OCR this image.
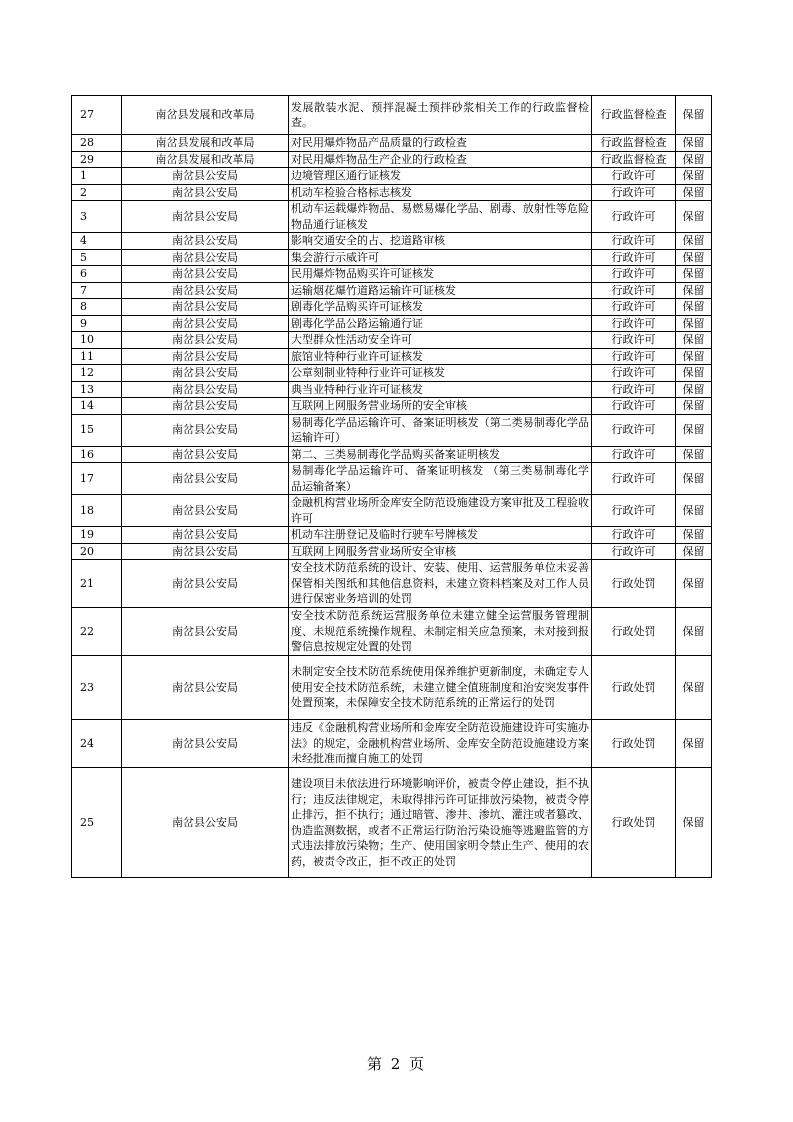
27	南岔县发展和改革局	发展散装水泥、预拌混凝土预拌砂浆相关工作的行政监督检查。	行政监督检查	保留
28	南岔县发展和改革局	对民用爆炸物品产品质量的行政检查	行政监督检查	保留
29	南岔县发展和改革局	对民用爆炸物品生产企业的行政检查	行政监督检查	保留
1	南岔县公安局	边境管理区通行证核发	行政许可	保留
2	南岔县公安局	机动车检验合格标志核发	行政许可	保留
3	南岔县公安局	机动车运载爆炸物品、易燃易爆化学品、剧毒、放射性等危险物品通行证核发	行政许可	保留
4	南岔县公安局	影响交通安全的占、挖道路审核	行政许可	保留
5	南岔县公安局	集会游行示威许可	行政许可	保留
6	南岔县公安局	民用爆炸物品购买许可证核发	行政许可	保留
7	南岔县公安局	运输烟花爆竹道路运输许可证核发	行政许可	保留
8	南岔县公安局	剧毒化学品购买许可证核发	行政许可	保留
9	南岔县公安局	剧毒化学品公路运输通行证	行政许可	保留
10	南岔县公安局	大型群众性活动安全许可	行政许可	保留
11	南岔县公安局	旅馆业特种行业许可证核发	行政许可	保留
12	南岔县公安局	公章刻制业特种行业许可证核发	行政许可	保留
13	南岔县公安局	典当业特种行业许可证核发	行政许可	保留
14	南岔县公安局	互联网上网服务营业场所的安全审核	行政许可	保留
15	南岔县公安局	易制毒化学品运输许可、备案证明核发（第二类易制毒化学品运输许可）	行政许可	保留
16	南岔县公安局	第二、三类易制毒化学品购买备案证明核发	行政许可	保留
17	南岔县公安局	易制毒化学品运输许可、备案证明核发 （第三类易制毒化学品运输备案）	行政许可	保留
18	南岔县公安局	金融机构营业场所金库安全防范设施建设方案审批及工程验收许可	行政许可	保留
19	南岔县公安局	机动车注册登记及临时行驶车号牌核发	行政许可	保留
20	南岔县公安局	互联网上网服务营业场所安全审核	行政许可	保留
21	南岔县公安局	安全技术防范系统的设计、安装、使用、运营服务单位未妥善保管相关图纸和其他信息资料，未建立资料档案及对工作人员进行保密业务培训的处罚	行政处罚	保留
22	南岔县公安局	安全技术防范系统运营服务单位未建立健全运营服务管理制度、未规范系统操作规程、未制定相关应急预案，未对接到报警信息按规定处置的处罚	行政处罚	保留
23	南岔县公安局	未制定安全技术防范系统使用保养维护更新制度，未确定专人使用安全技术防范系统，未建立健全值班制度和治安突发事件处置预案，未保障安全技术防范系统的正常运行的处罚	行政处罚	保留
24	南岔县公安局	违反《金融机构营业场所和金库安全防范设施建设许可实施办法》的规定，金融机构营业场所、金库安全防范设施建设方案未经批准而擅自施工的处罚	行政处罚	保留
25	南岔县公安局	建设项目未依法进行环境影响评价，被责令停止建设，拒不执行；违反法律规定，未取得排污许可证排放污染物，被责令停止排污，拒不执行；通过暗管、渗井、渗坑、灌注或者篡改、伪造监测数据，或者不正常运行防治污染设施等逃避监管的方式违法排放污染物；生产、使用国家明令禁止生产、使用的农药，被责令改正，拒不改正的处罚	行政处罚	保留
第 2 页
